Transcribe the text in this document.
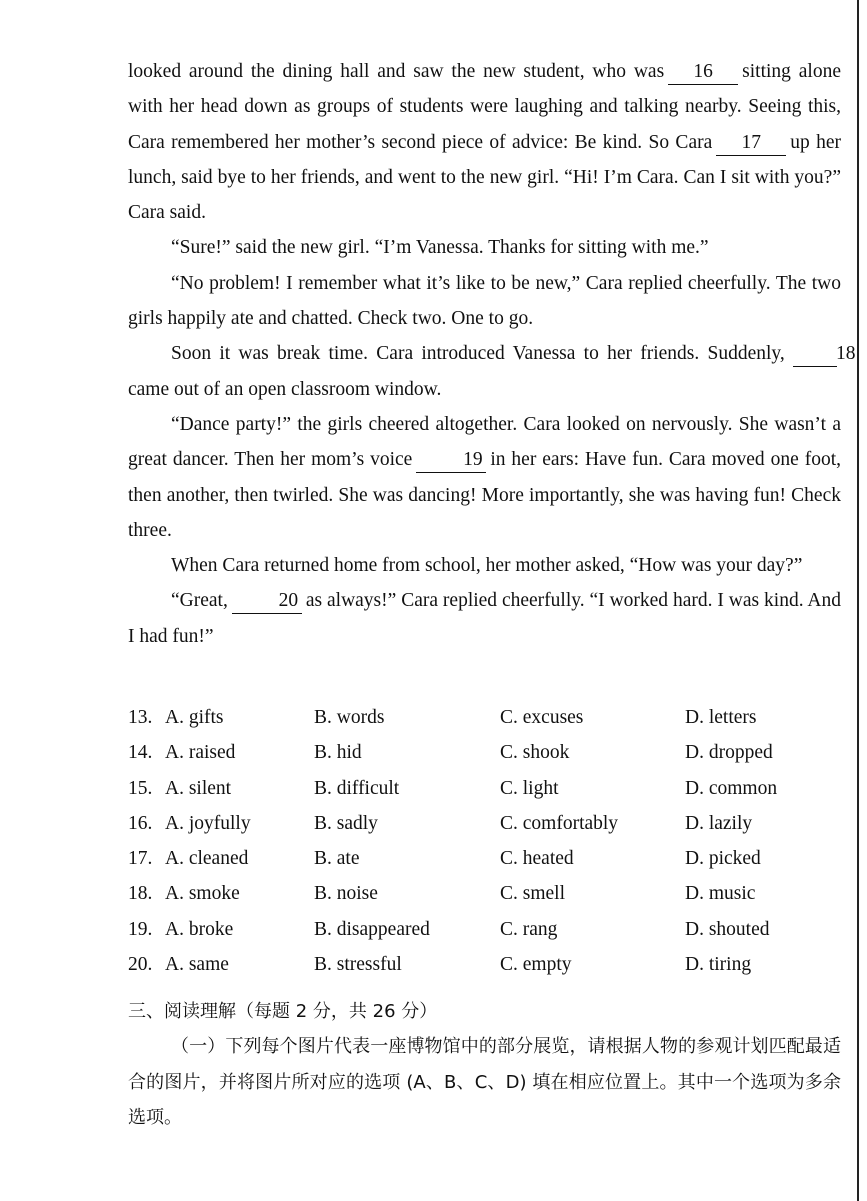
looked around the dining hall and saw the new student, who was 16 sitting alone with her head down as groups of students were laughing and talking nearby. Seeing this, Cara remembered her mother’s second piece of advice: Be kind. So Cara 17 up her lunch, said bye to her friends, and went to the new girl. “Hi! I’m Cara. Can I sit with you?” Cara said.

“Sure!” said the new girl. “I’m Vanessa. Thanks for sitting with me.”

“No problem! I remember what it’s like to be new,” Cara replied cheerfully. The two girls happily ate and chatted. Check two. One to go.

Soon it was break time. Cara introduced Vanessa to her friends. Suddenly,	18came out of an open classroom window.

“Dance party!” the girls cheered altogether. Cara looked on nervously. She wasn’t a great dancer. Then her mom’s voice	19 in her ears: Have fun. Cara moved one foot, then another, then twirled. She was dancing! More importantly, she was having fun! Check three.

When Cara returned home from school, her mother asked, “How was your day?”

“Great,	20 as always!” Cara replied cheerfully. “I worked hard. I was kind. And I had fun!”

13. A. gifts	B. words	C. excuses	D. letters
14. A. raised	B. hid	C. shook	D. dropped
15. A. silent	B. difficult	C. light	D. common
16. A. joyfully	B. sadly	C. comfortably	D. lazily
17. A. cleaned	B. ate	C. heated	D. picked
18. A. smoke	B. noise	C. smell	D. music
19. A. broke	B. disappeared	C. rang	D. shouted
20. A. same	B. stressful	C. empty	D. tiring

三、阅读理解（每题 2 分，共 26 分）

（一）下列每个图片代表一座博物馆中的部分展览，请根据人物的参观计划匹配最适合的图片，并将图片所对应的选项 (A、B、C、D) 填在相应位置上。其中一个选项为多余选项。
